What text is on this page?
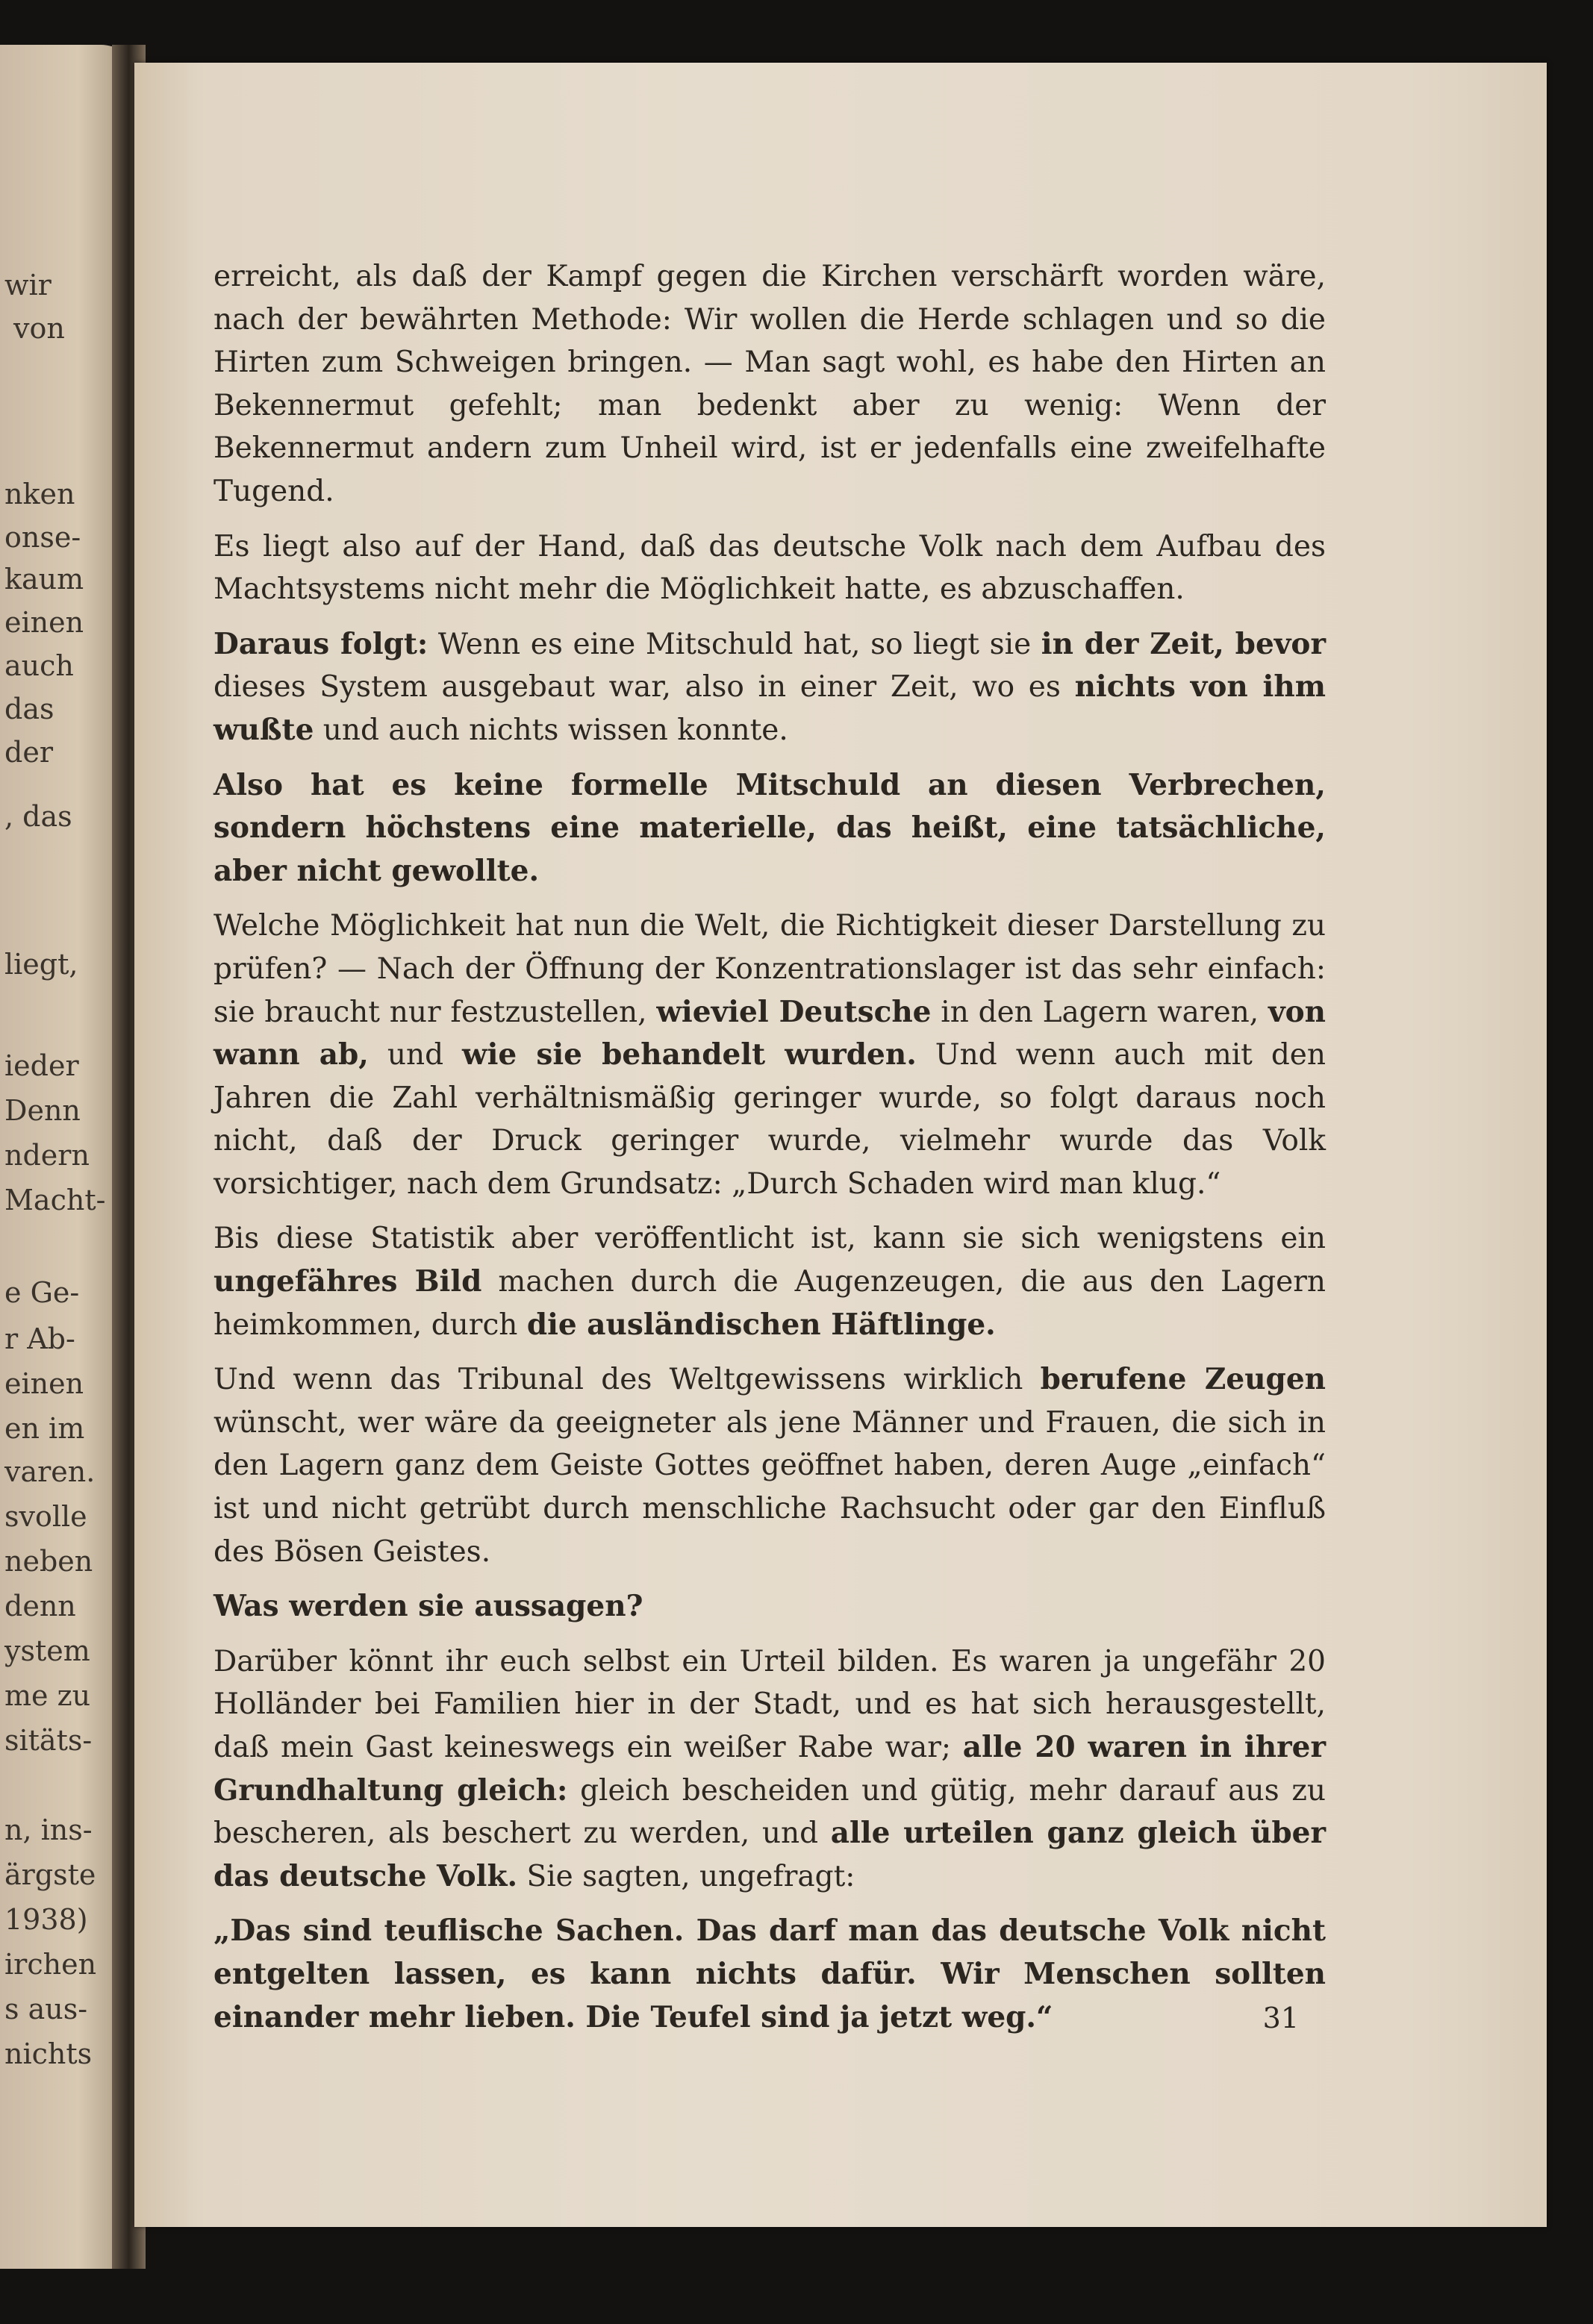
wir
von
nken
onse-
kaum
einen
auch
das
der
, das
liegt,
ieder
Denn
ndern
Macht-
e Ge-
r Ab-
einen
en im
varen.
svolle
neben
denn
ystem
me zu
sitäts-
n, ins-
ärgste
1938)
irchen
s aus-
nichts

erreicht, als daß der Kampf gegen die Kirchen verschärft worden wäre, nach der bewährten Methode: Wir wollen die Herde schlagen und so die Hirten zum Schweigen bringen. — Man sagt wohl, es habe den Hirten an Bekennermut gefehlt; man bedenkt aber zu wenig: Wenn der Bekennermut andern zum Unheil wird, ist er jedenfalls eine zweifelhafte Tugend.

Es liegt also auf der Hand, daß das deutsche Volk nach dem Aufbau des Machtsystems nicht mehr die Möglichkeit hatte, es abzuschaffen.

Daraus folgt: Wenn es eine Mitschuld hat, so liegt sie in der Zeit, bevor dieses System ausgebaut war, also in einer Zeit, wo es nichts von ihm wußte und auch nichts wissen konnte.

Also hat es keine formelle Mitschuld an diesen Verbrechen, sondern höchstens eine materielle, das heißt, eine tatsächliche, aber nicht gewollte.

Welche Möglichkeit hat nun die Welt, die Richtigkeit dieser Darstellung zu prüfen? — Nach der Öffnung der Konzentrationslager ist das sehr einfach: sie braucht nur festzustellen, wieviel Deutsche in den Lagern waren, von wann ab, und wie sie behandelt wurden. Und wenn auch mit den Jahren die Zahl verhältnismäßig geringer wurde, so folgt daraus noch nicht, daß der Druck geringer wurde, vielmehr wurde das Volk vorsichtiger, nach dem Grundsatz: „Durch Schaden wird man klug.“

Bis diese Statistik aber veröffentlicht ist, kann sie sich wenigstens ein ungefähres Bild machen durch die Augenzeugen, die aus den Lagern heimkommen, durch die ausländischen Häftlinge.

Und wenn das Tribunal des Weltgewissens wirklich berufene Zeugen wünscht, wer wäre da geeigneter als jene Männer und Frauen, die sich in den Lagern ganz dem Geiste Gottes geöffnet haben, deren Auge „einfach“ ist und nicht getrübt durch menschliche Rachsucht oder gar den Einfluß des Bösen Geistes.

Was werden sie aussagen?

Darüber könnt ihr euch selbst ein Urteil bilden. Es waren ja ungefähr 20 Holländer bei Familien hier in der Stadt, und es hat sich herausgestellt, daß mein Gast keineswegs ein weißer Rabe war; alle 20 waren in ihrer Grundhaltung gleich: gleich bescheiden und gütig, mehr darauf aus zu bescheren, als beschert zu werden, und alle urteilen ganz gleich über das deutsche Volk. Sie sagten, ungefragt:

„Das sind teuflische Sachen. Das darf man das deutsche Volk nicht entgelten lassen, es kann nichts dafür. Wir Menschen sollten einander mehr lieben. Die Teufel sind ja jetzt weg.“	31
